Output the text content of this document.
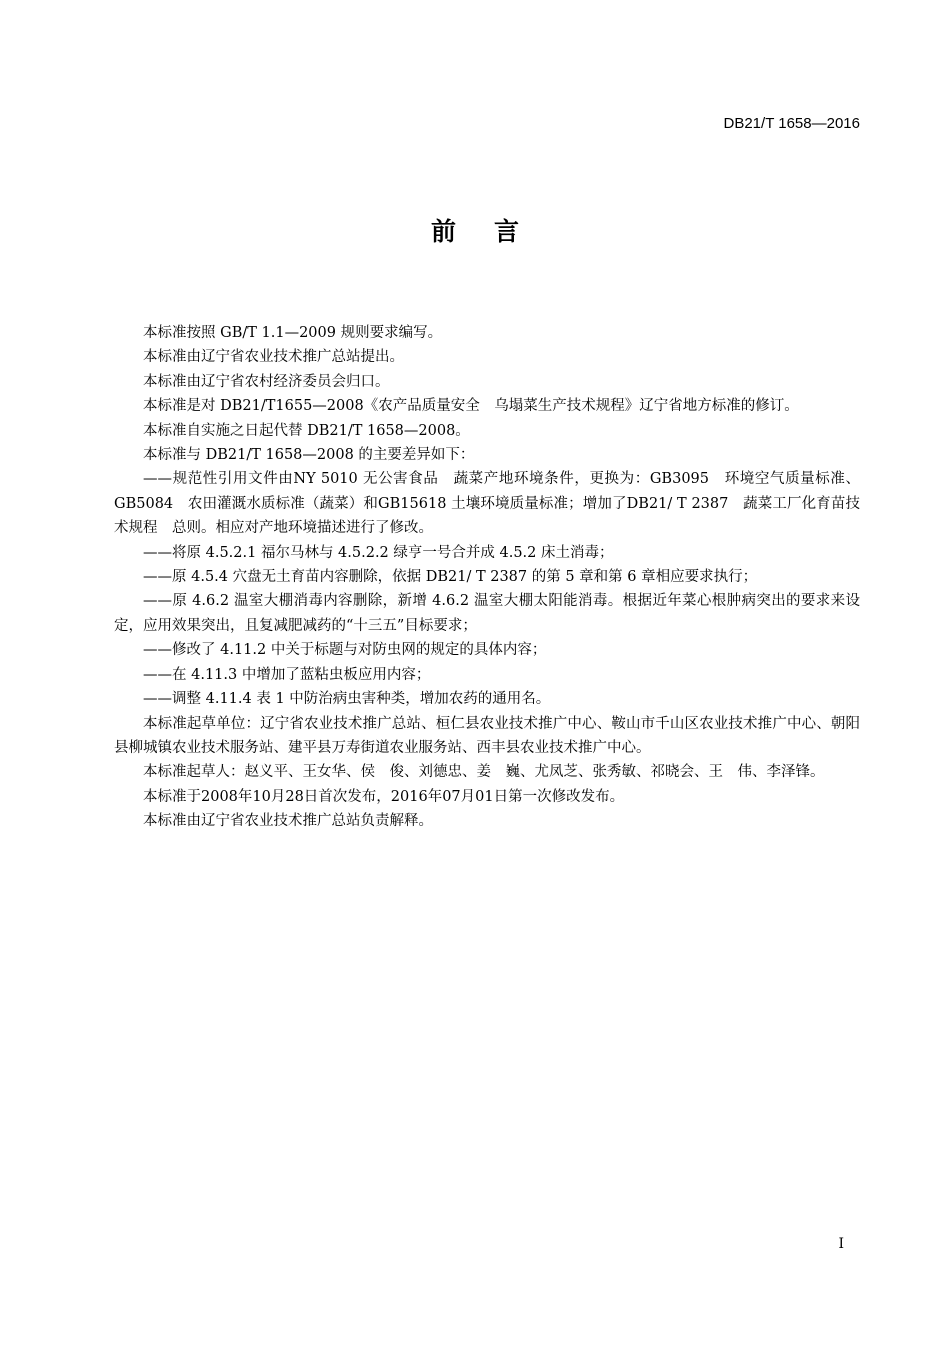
DB21/T 1658—2016
前言

本标准按照 GB/T 1.1—2009 规则要求编写。

本标准由辽宁省农业技术推广总站提出。

本标准由辽宁省农村经济委员会归口。

本标准是对 DB21/T1655—2008《农产品质量安全　乌塌菜生产技术规程》辽宁省地方标准的修订。

本标准自实施之日起代替 DB21/T 1658—2008。

本标准与 DB21/T 1658—2008 的主要差异如下：

——规范性引用文件由NY 5010 无公害食品　蔬菜产地环境条件，更换为：GB3095　环境空气质量标准、GB5084　农田灌溉水质标准（蔬菜）和GB15618 土壤环境质量标准；增加了DB21/ T 2387　蔬菜工厂化育苗技术规程　总则。相应对产地环境描述进行了修改。

——将原 4.5.2.1 福尔马林与 4.5.2.2 绿亨一号合并成 4.5.2 床土消毒；

——原 4.5.4 穴盘无土育苗内容删除，依据 DB21/ T 2387 的第 5 章和第 6 章相应要求执行；

——原 4.6.2 温室大棚消毒内容删除，新增 4.6.2 温室大棚太阳能消毒。根据近年菜心根肿病突出的要求来设定，应用效果突出，且复减肥减药的“十三五”目标要求；

——修改了 4.11.2 中关于标题与对防虫网的规定的具体内容；

——在 4.11.3 中增加了蓝粘虫板应用内容；

——调整 4.11.4 表 1 中防治病虫害种类，增加农药的通用名。

本标准起草单位：辽宁省农业技术推广总站、桓仁县农业技术推广中心、鞍山市千山区农业技术推广中心、朝阳县柳城镇农业技术服务站、建平县万寿街道农业服务站、西丰县农业技术推广中心。

本标准起草人：赵义平、王女华、侯　俊、刘德忠、姜　巍、尤凤芝、张秀敏、祁晓会、王　伟、李泽锋。

本标准于2008年10月28日首次发布，2016年07月01日第一次修改发布。

本标准由辽宁省农业技术推广总站负责解释。

I
